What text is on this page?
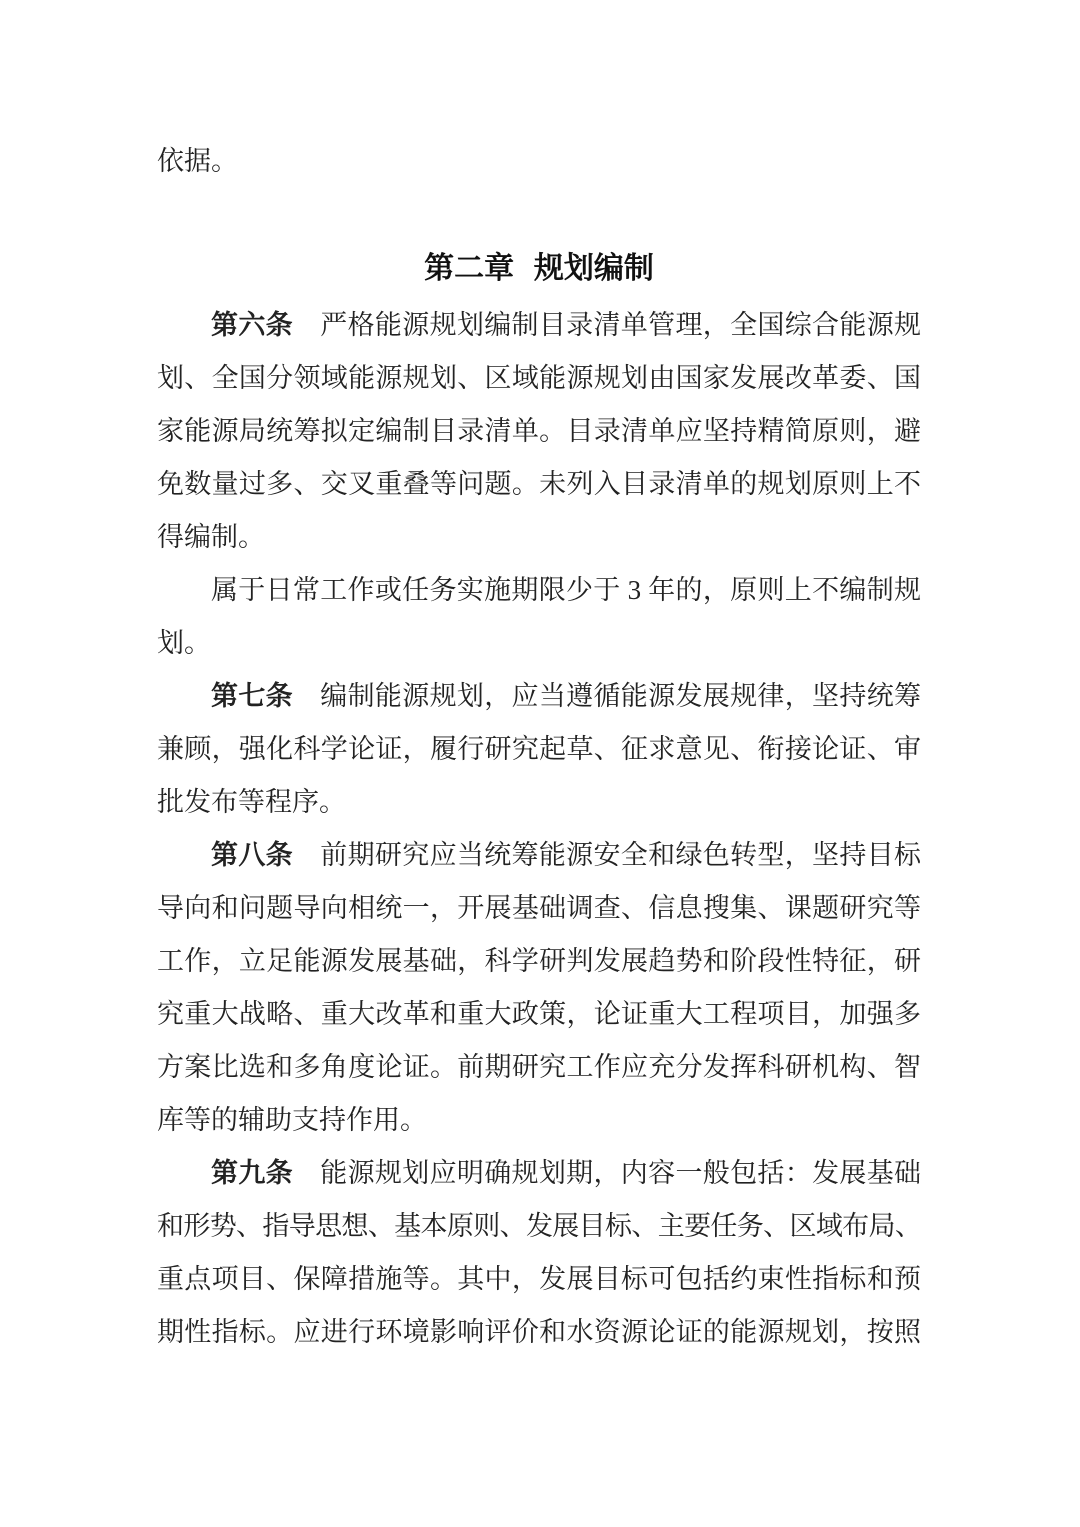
依据。
第二章 规划编制
第六条　严格能源规划编制目录清单管理，全国综合能源规
划、全国分领域能源规划、区域能源规划由国家发展改革委、国
家能源局统筹拟定编制目录清单。目录清单应坚持精简原则，避
免数量过多、交叉重叠等问题。未列入目录清单的规划原则上不
得编制。
属于日常工作或任务实施期限少于 3 年的，原则上不编制规
划。
第七条　编制能源规划，应当遵循能源发展规律，坚持统筹
兼顾，强化科学论证，履行研究起草、征求意见、衔接论证、审
批发布等程序。
第八条　前期研究应当统筹能源安全和绿色转型，坚持目标
导向和问题导向相统一，开展基础调查、信息搜集、课题研究等
工作，立足能源发展基础，科学研判发展趋势和阶段性特征，研
究重大战略、重大改革和重大政策，论证重大工程项目，加强多
方案比选和多角度论证。前期研究工作应充分发挥科研机构、智
库等的辅助支持作用。
第九条　能源规划应明确规划期，内容一般包括：发展基础
和形势、指导思想、基本原则、发展目标、主要任务、区域布局、
重点项目、保障措施等。其中，发展目标可包括约束性指标和预
期性指标。应进行环境影响评价和水资源论证的能源规划，按照
